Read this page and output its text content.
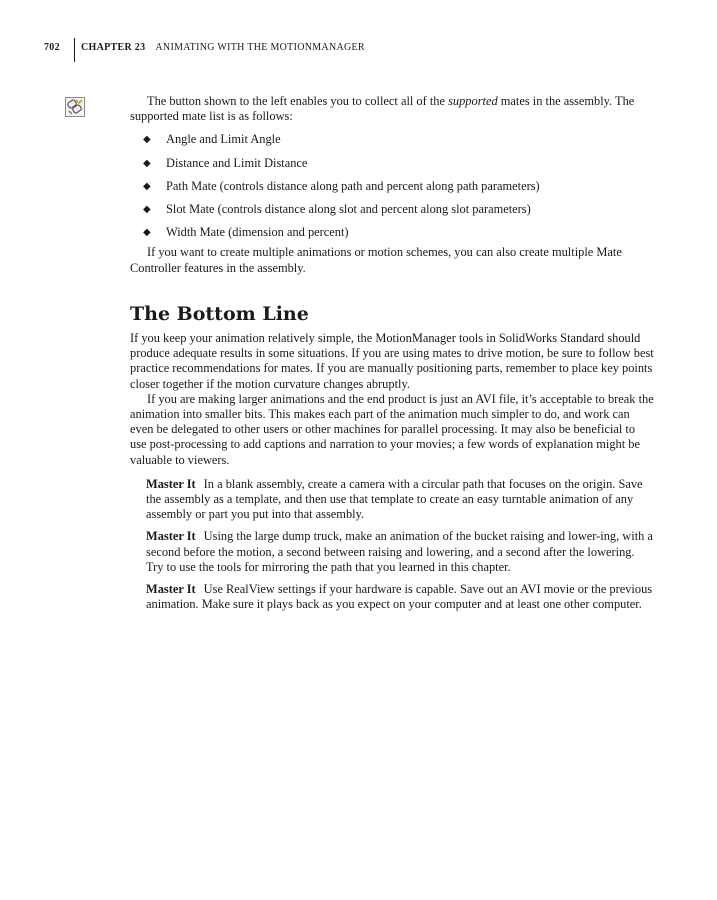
702	CHAPTER 23 ANIMATING WITH THE MOTIONMANAGER

The button shown to the left enables you to collect all of the supported mates in the assembly. The supported mate list is as follows:

◆ Angle and Limit Angle
◆ Distance and Limit Distance
◆ Path Mate (controls distance along path and percent along path parameters)
◆ Slot Mate (controls distance along slot and percent along slot parameters)
◆ Width Mate (dimension and percent)

If you want to create multiple animations or motion schemes, you can also create multiple Mate Controller features in the assembly.

The Bottom Line

If you keep your animation relatively simple, the MotionManager tools in SolidWorks Standard should produce adequate results in some situations. If you are using mates to drive motion, be sure to follow best practice recommendations for mates. If you are manually positioning parts, remember to place key points closer together if the motion curvature changes abruptly.

If you are making larger animations and the end product is just an AVI file, it’s acceptable to break the animation into smaller bits. This makes each part of the animation much simpler to do, and work can even be delegated to other users or other machines for parallel processing. It may also be beneficial to use post-processing to add captions and narration to your movies; a few words of explanation might be valuable to viewers.

Master It In a blank assembly, create a camera with a circular path that focuses on the origin. Save the assembly as a template, and then use that template to create an easy turntable animation of any assembly or part you put into that assembly.

Master It Using the large dump truck, make an animation of the bucket raising and lower-ing, with a second before the motion, a second between raising and lowering, and a second after the lowering. Try to use the tools for mirroring the path that you learned in this chapter.

Master It Use RealView settings if your hardware is capable. Save out an AVI movie or the previous animation. Make sure it plays back as you expect on your computer and at least one other computer.
